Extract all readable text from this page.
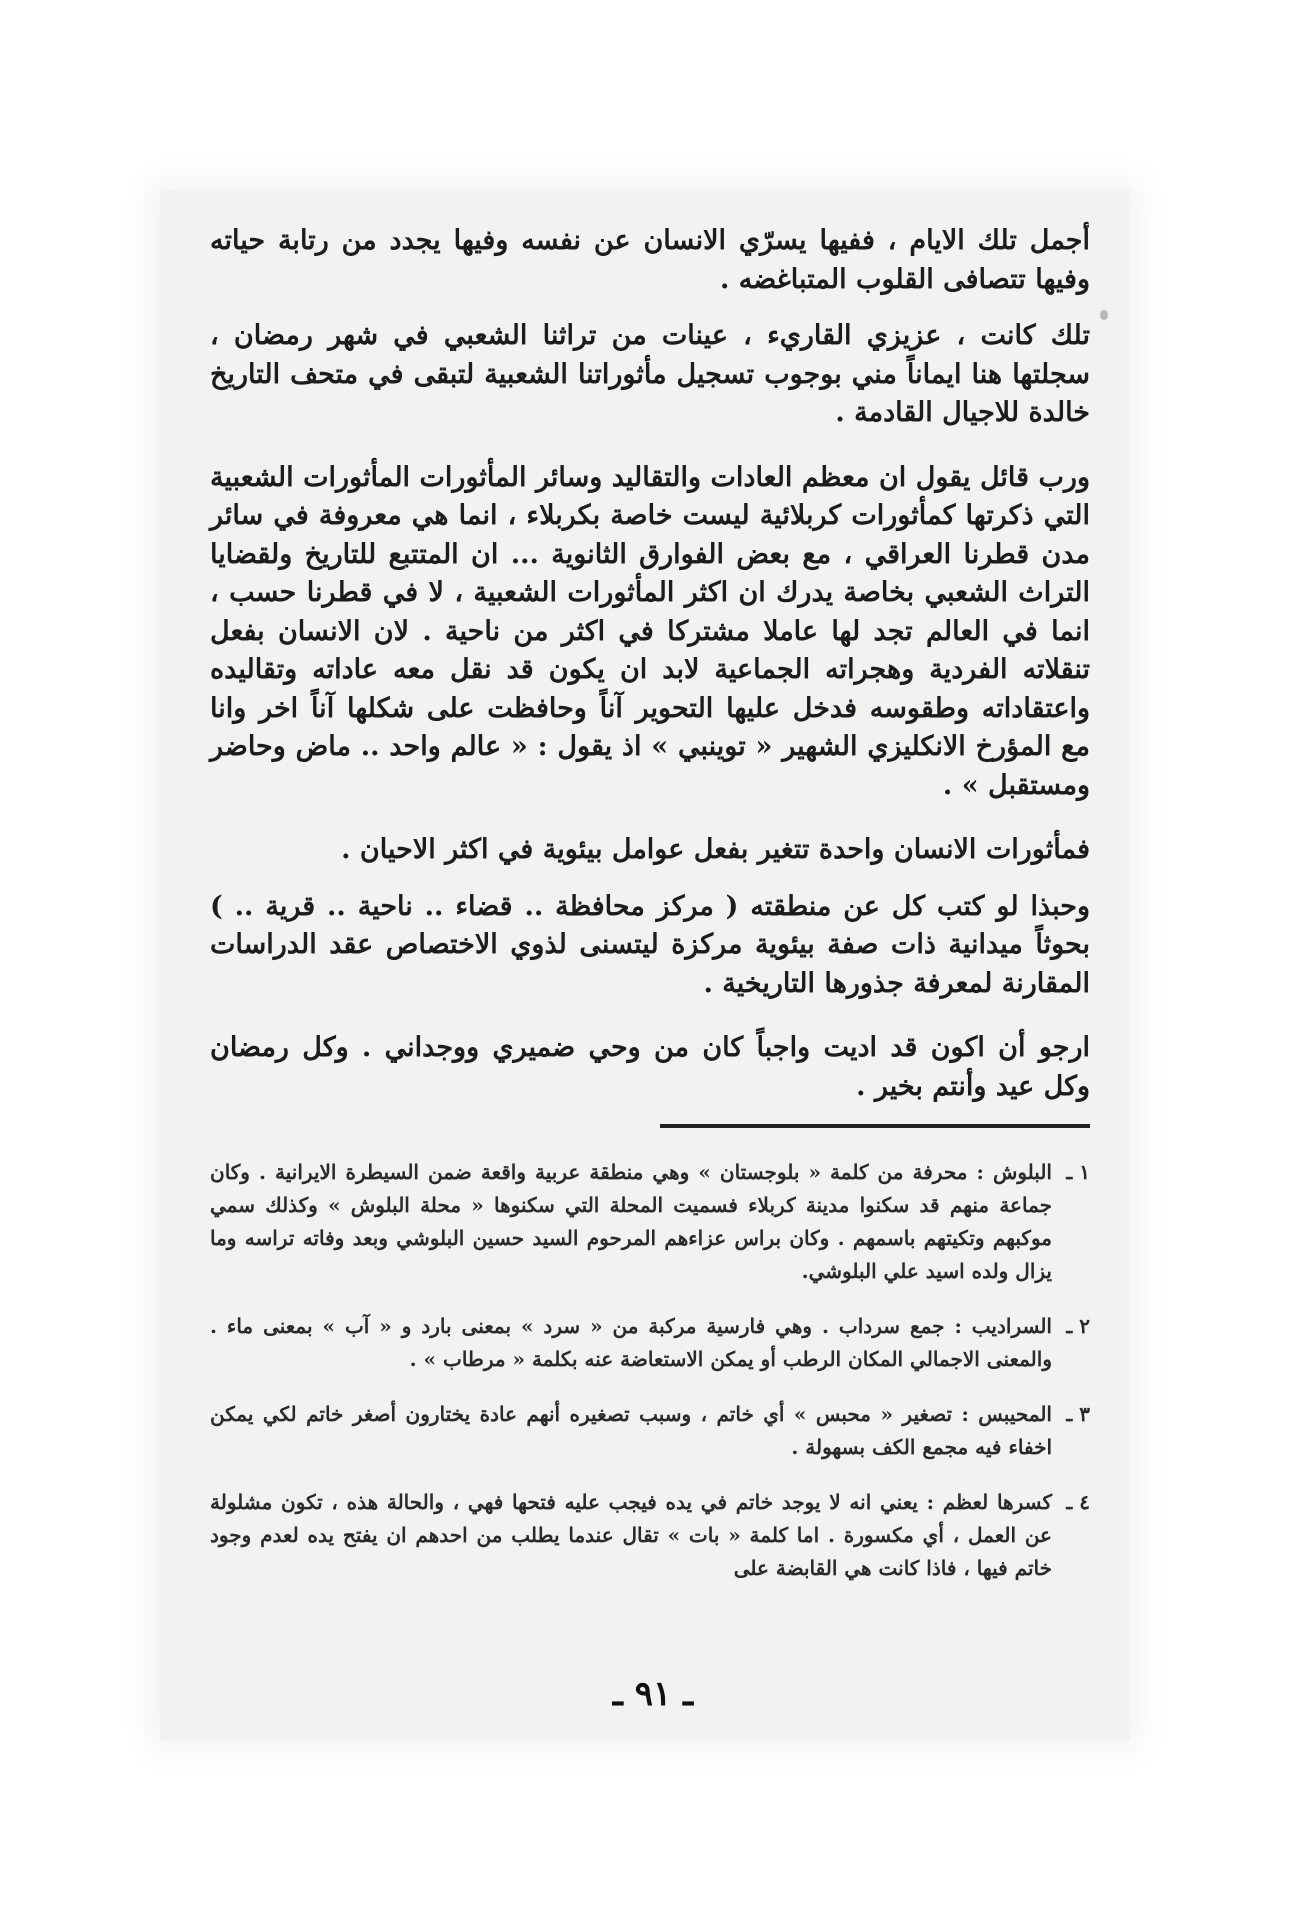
أجمل تلك الايام ، ففيها يسرّي الانسان عن نفسه وفيها يجدد من رتابة حياته وفيها تتصافى القلوب المتباغضه .

تلك كانت ، عزيزي القاريء ، عينات من تراثنا الشعبي في شهر رمضان ، سجلتها هنا ايماناً مني بوجوب تسجيل مأثوراتنا الشعبية لتبقى في متحف التاريخ خالدة للاجيال القادمة .

ورب قائل يقول ان معظم العادات والتقاليد وسائر المأثورات المأثورات الشعبية التي ذكرتها كمأثورات كربلائية ليست خاصة بكربلاء ، انما هي معروفة في سائر مدن قطرنا العراقي ، مع بعض الفوارق الثانوية ... ان المتتبع للتاريخ ولقضايا التراث الشعبي بخاصة يدرك ان اكثر المأثورات الشعبية ، لا في قطرنا حسب ، انما في العالم تجد لها عاملا مشتركا في اكثر من ناحية . لان الانسان بفعل تنقلاته الفردية وهجراته الجماعية لابد ان يكون قد نقل معه عاداته وتقاليده واعتقاداته وطقوسه فدخل عليها التحوير آناً وحافظت على شكلها آناً اخر وانا مع المؤرخ الانكليزي الشهير « توينبي » اذ يقول : « عالم واحد .. ماض وحاضر ومستقبل » .

فمأثورات الانسان واحدة تتغير بفعل عوامل بيئوية في اكثر الاحيان .

وحبذا لو كتب كل عن منطقته ( مركز محافظة .. قضاء .. ناحية .. قرية .. ) بحوثاً ميدانية ذات صفة بيئوية مركزة ليتسنى لذوي الاختصاص عقد الدراسات المقارنة لمعرفة جذورها التاريخية .

ارجو أن اكون قد اديت واجباً كان من وحي ضميري ووجداني . وكل رمضان وكل عيد وأنتم بخير .

١ ـ
البلوش : محرفة من كلمة « بلوجستان » وهي منطقة عربية واقعة ضمن السيطرة الايرانية . وكان جماعة منهم قد سكنوا مدينة كربلاء فسميت المحلة التي سكنوها « محلة البلوش » وكذلك سمي موكبهم وتكيتهم باسمهم . وكان براس عزاءهم المرحوم السيد حسين البلوشي وبعد وفاته تراسه وما يزال ولده اسيد علي البلوشي.
٢ ـ
السراديب : جمع سرداب . وهي فارسية مركبة من « سرد » بمعنى بارد و « آب » بمعنى ماء . والمعنى الاجمالي المكان الرطب أو يمكن الاستعاضة عنه بكلمة « مرطاب » .
٣ ـ
المحيبس : تصغير « محبس » أي خاتم ، وسبب تصغيره أنهم عادة يختارون أصغر خاتم لكي يمكن اخفاء فيه مجمع الكف بسهولة .
٤ ـ
كسرها لعظم : يعني انه لا يوجد خاتم في يده فيجب عليه فتحها فهي ، والحالة هذه ، تكون مشلولة عن العمل ، أي مكسورة . اما كلمة « بات » تقال عندما يطلب من احدهم ان يفتح يده لعدم وجود خاتم فيها ، فاذا كانت هي القابضة على
ـ ٩١ ـ
